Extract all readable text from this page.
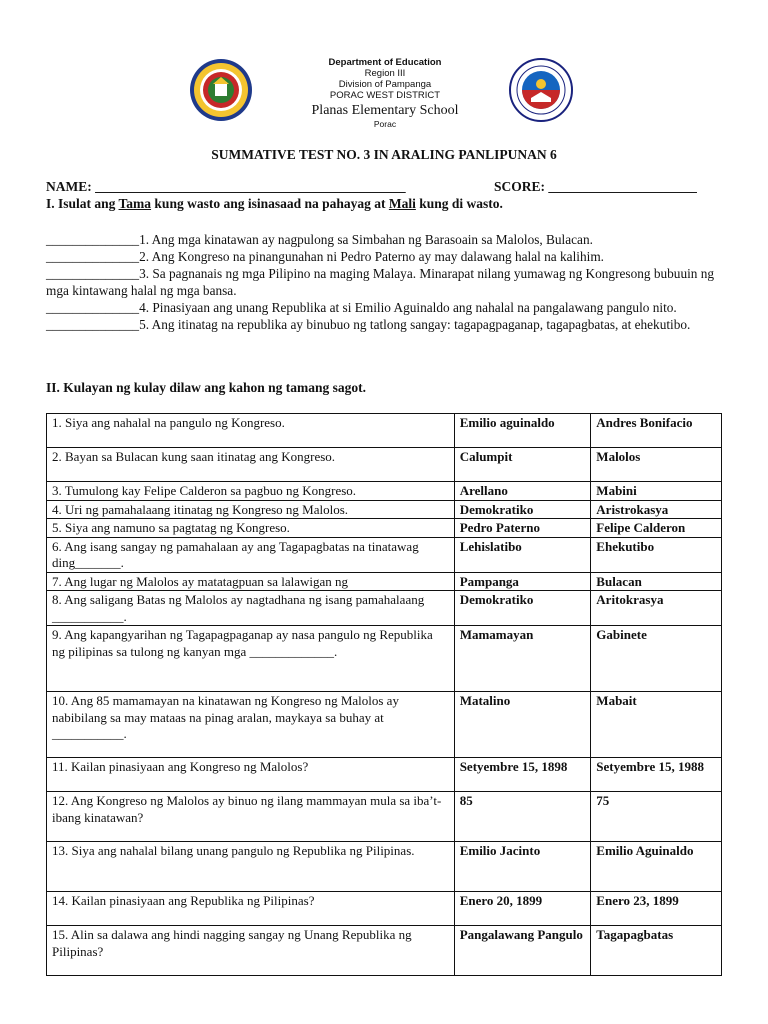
Department of Education
Region III
Division of Pampanga
PORAC WEST DISTRICT
Planas Elementary School
Porac
SUMMATIVE TEST NO. 3 IN ARALING PANLIPUNAN 6
NAME: ______________________________________________	SCORE: ______________________
I. Isulat ang Tama kung wasto ang isinasaad na pahayag at Mali kung di wasto.

______________1. Ang mga kinatawan ay nagpulong sa Simbahan ng Barasoain sa Malolos, Bulacan.

______________2. Ang Kongreso na pinangunahan ni Pedro Paterno ay may dalawang halal na kalihim.

______________3. Sa pagnanais ng mga Pilipino na maging Malaya. Minarapat nilang yumawag ng Kongresong bubuuin ng mga kintawang halal ng mga bansa.

______________4. Pinasiyaan ang unang Republika at si Emilio Aguinaldo ang nahalal na pangalawang pangulo nito.

______________5. Ang itinatag na republika ay binubuo ng tatlong sangay: tagapagpaganap, tagapagbatas, at ehekutibo.

II. Kulayan ng kulay dilaw ang kahon ng tamang sagot.
1. Siya ang nahalal na pangulo ng Kongreso.	Emilio aguinaldo	Andres Bonifacio
2. Bayan sa Bulacan kung saan itinatag ang Kongreso.	Calumpit	Malolos
3. Tumulong kay Felipe Calderon sa pagbuo ng Kongreso.	Arellano	Mabini
4. Uri ng pamahalaang itinatag ng Kongreso ng Malolos.	Demokratiko	Aristrokasya
5. Siya ang namuno sa pagtatag ng Kongreso.	Pedro Paterno	Felipe Calderon
6. Ang isang sangay ng pamahalaan ay ang Tagapagbatas na tinatawag ding_______.	Lehislatibo	Ehekutibo
7. Ang lugar ng Malolos ay matatagpuan sa lalawigan ng	Pampanga	Bulacan
8. Ang saligang Batas ng Malolos ay nagtadhana ng isang pamahalaang ___________.	Demokratiko	Aritokrasya
9. Ang kapangyarihan ng Tagapagpaganap ay nasa pangulo ng Republika ng pilipinas sa tulong ng kanyan mga _____________.	Mamamayan	Gabinete
10. Ang 85 mamamayan na kinatawan ng Kongreso ng Malolos ay nabibilang sa may mataas na pinag aralan, maykaya sa buhay at ___________.	Matalino	Mabait
11. Kailan pinasiyaan ang Kongreso ng Malolos?	Setyembre 15, 1898	Setyembre 15, 1988
12. Ang Kongreso ng Malolos ay binuo ng ilang mammayan mula sa iba’t-ibang kinatawan?	85	75
13. Siya ang nahalal bilang unang pangulo ng Republika ng Pilipinas.	Emilio Jacinto	Emilio Aguinaldo
14. Kailan pinasiyaan ang Republika ng Pilipinas?	Enero 20, 1899	Enero 23, 1899
15. Alin sa dalawa ang hindi nagging sangay ng Unang Republika ng Pilipinas?	Pangalawang Pangulo	Tagapagbatas
